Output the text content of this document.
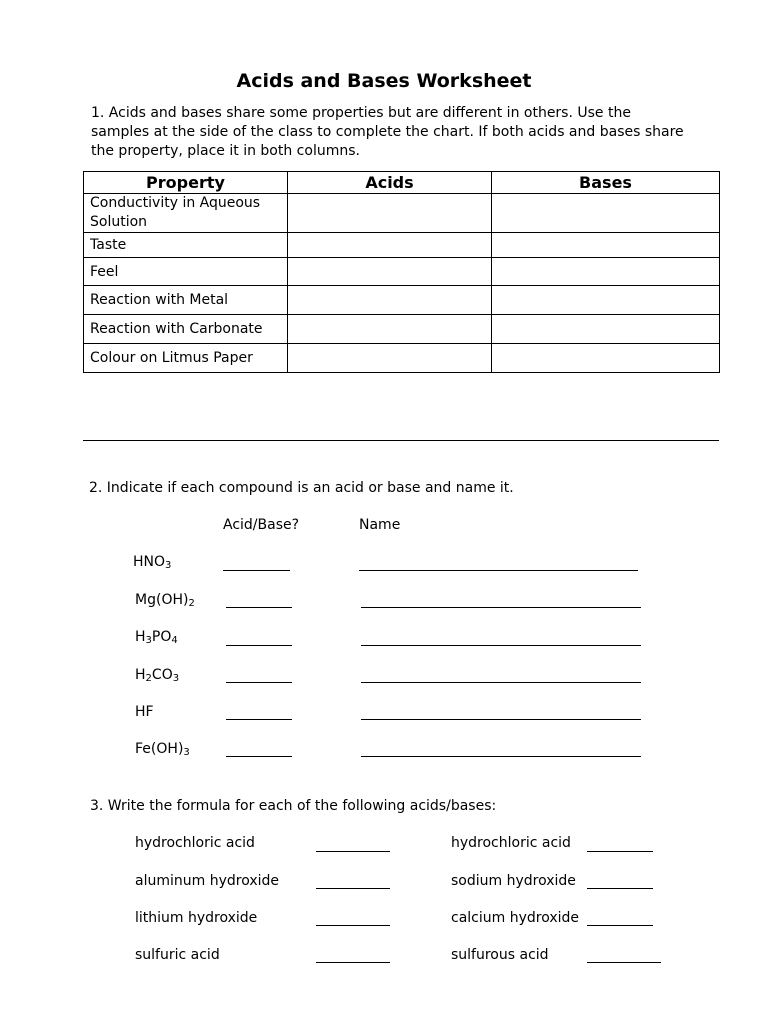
Acids and Bases Worksheet
1. Acids and bases share some properties but are different in others. Use the samples at the side of the class to complete the chart. If both acids and bases share the property, place it in both columns.
Property	Acids	Bases
Conductivity in Aqueous Solution		
Taste		
Feel		
Reaction with Metal		
Reaction with Carbonate		
Colour on Litmus Paper		
2. Indicate if each compound is an acid or base and name it.
Acid/Base?	Name
$HNO_3$
$Mg(OH)_2$
$H_3PO_4$
$H_2CO_3$
HF
$Fe(OH)_3$
3. Write the formula for each of the following acids/bases:
hydrochloric acid	hydrochloric acid
aluminum hydroxide	sodium hydroxide
lithium hydroxide	calcium hydroxide
sulfuric acid	sulfurous acid
